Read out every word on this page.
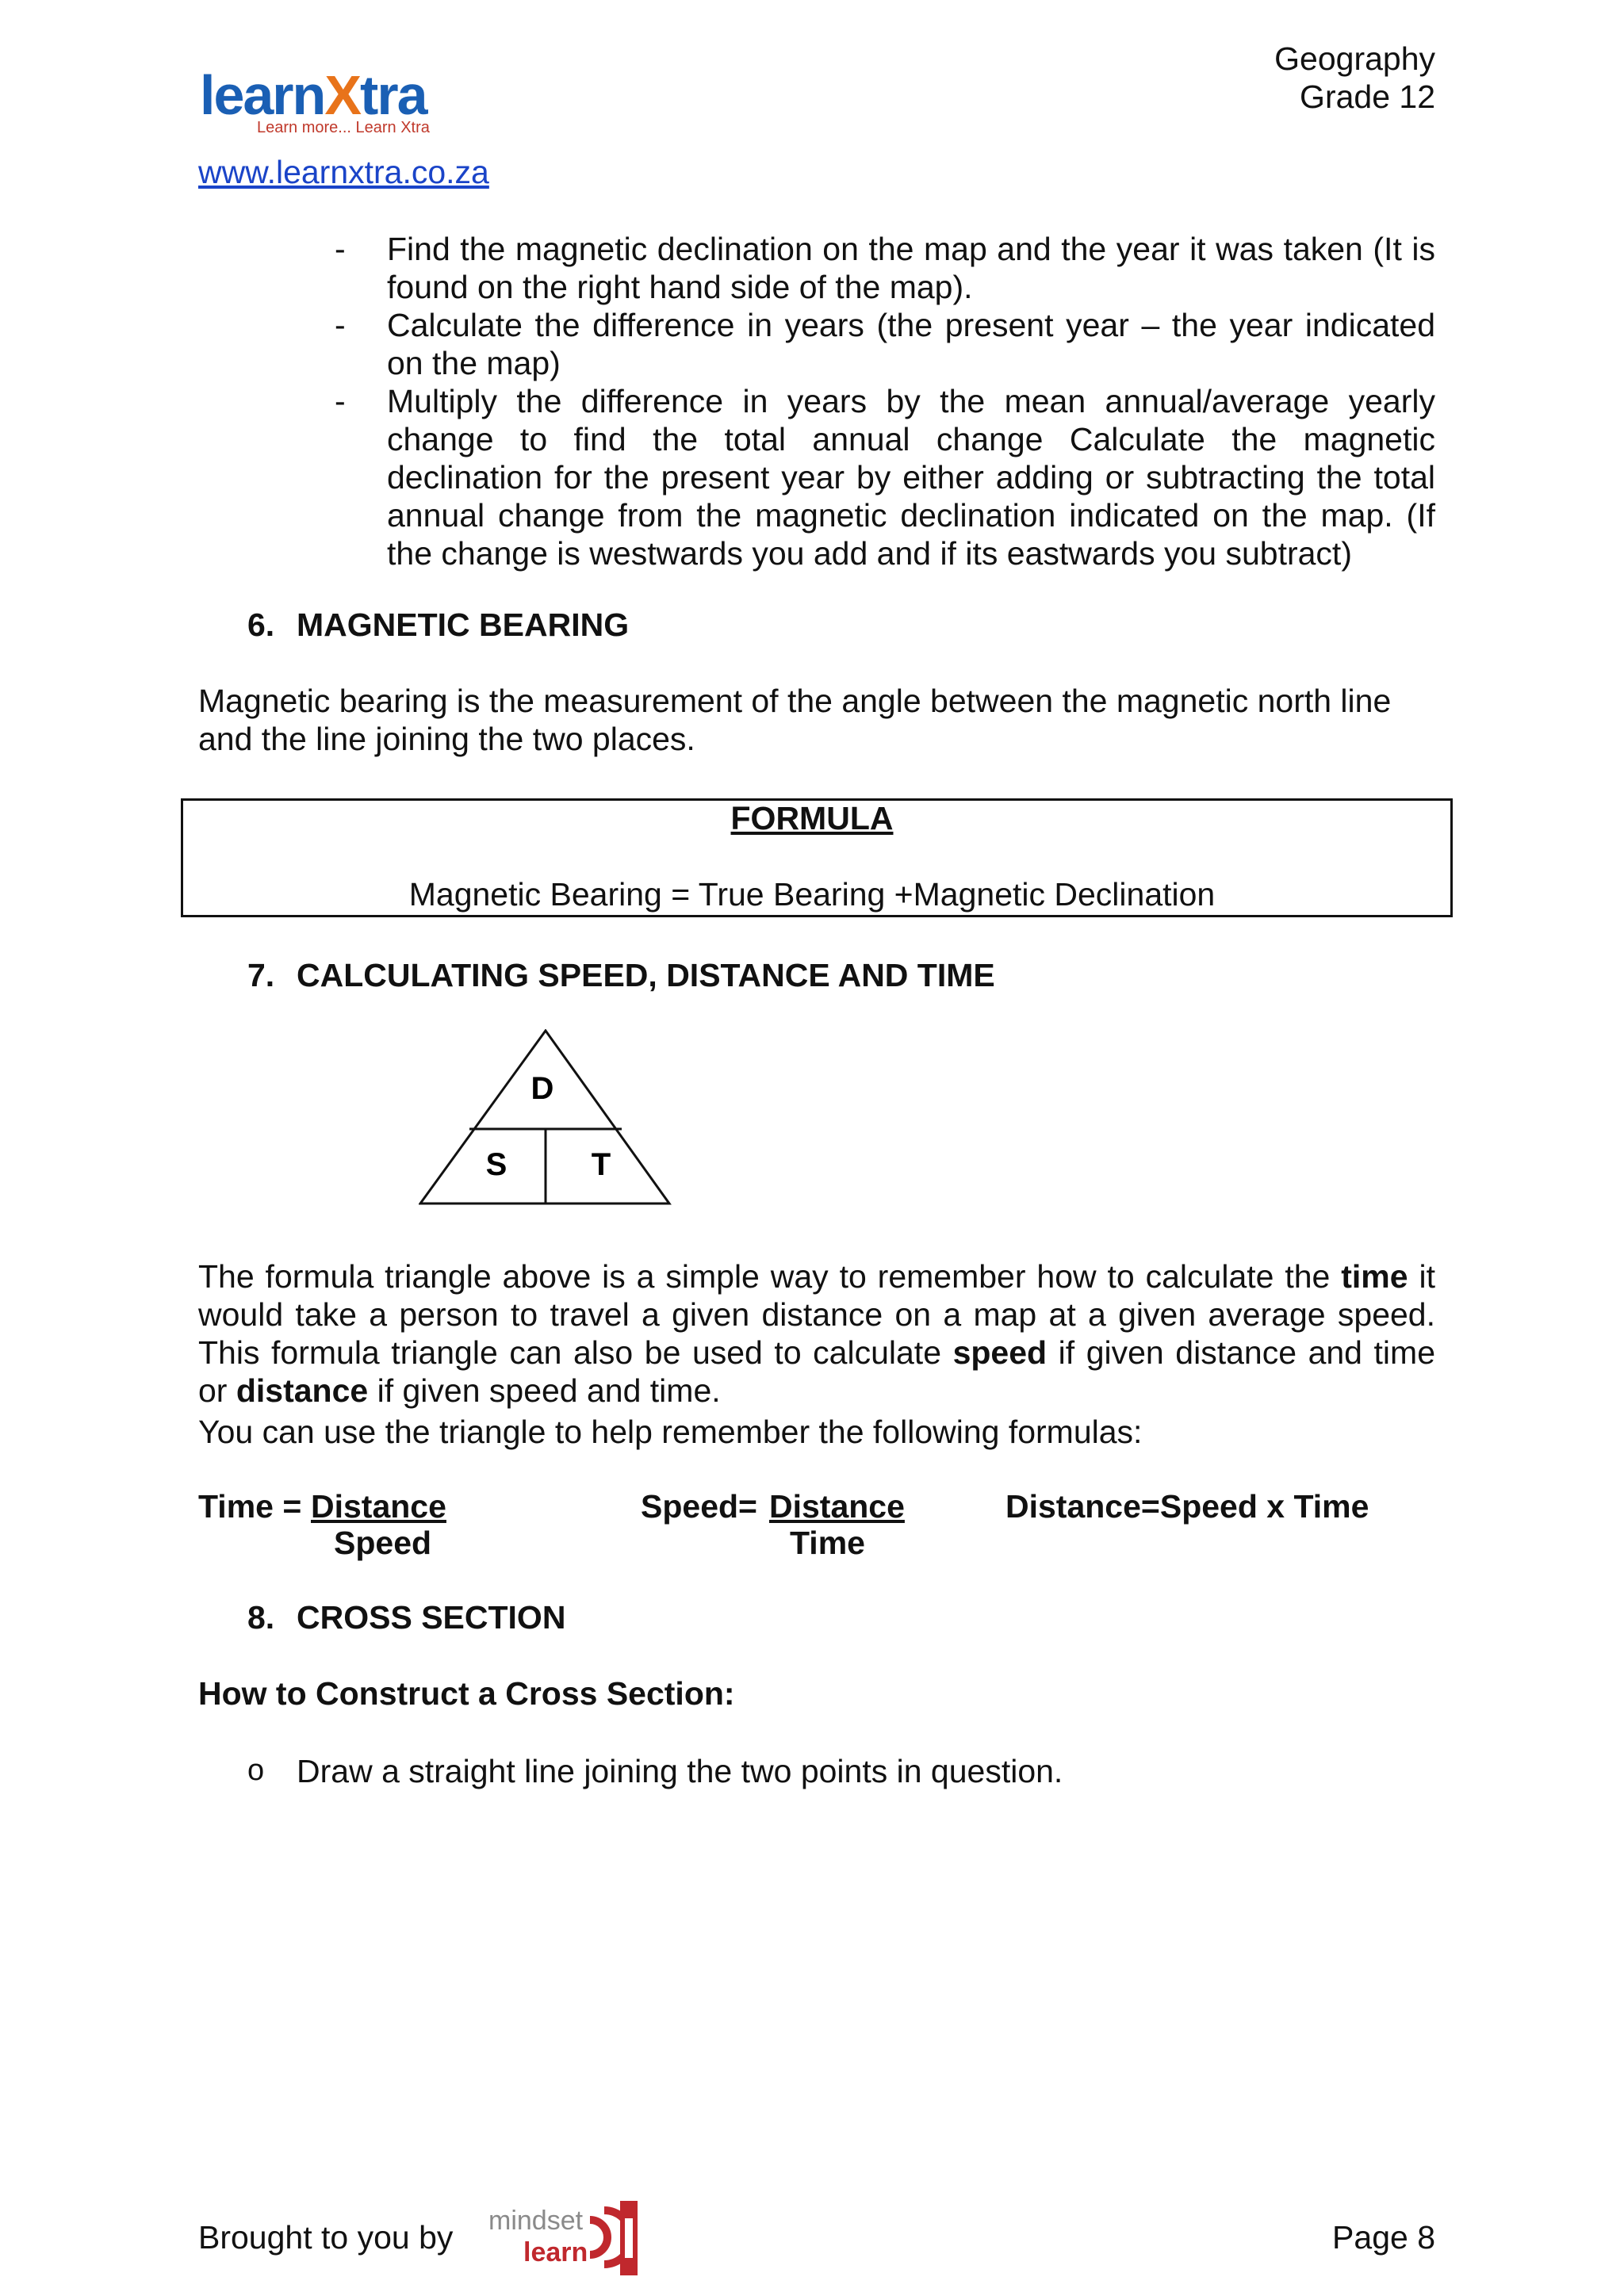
learnXtra
Learn more... Learn Xtra
www.learnxtra.co.za
Geography
Grade 12
-	Find the magnetic declination on the map and the year it was taken (It is
found on the right hand side of the map).
-	Calculate the difference in years (the present year – the year indicated
on the map)
-	Multiply the difference in years by the mean annual/average yearly
change to find the total annual change Calculate the magnetic
declination for the present year by either adding or subtracting the total
annual change from the magnetic declination indicated on the map. (If
the change is westwards you add and if its eastwards you subtract)
6. MAGNETIC BEARING
Magnetic bearing is the measurement of the angle between the magnetic north line
and the line joining the two places.
FORMULA
Magnetic Bearing = True Bearing +Magnetic Declination
7. CALCULATING SPEED, DISTANCE AND TIME
D
S	T
The formula triangle above is a simple way to remember how to calculate the time it
would take a person to travel a given distance on a map at a given average speed.
This formula triangle can also be used to calculate speed if given distance and time
or distance if given speed and time.
You can use the triangle to help remember the following formulas:
Time = Distance
Speed
Speed= Distance
Time
Distance=Speed x Time
8. CROSS SECTION
How to Construct a Cross Section:
o Draw a straight line joining the two points in question.
Brought to you by mindset
learn	Page 8
